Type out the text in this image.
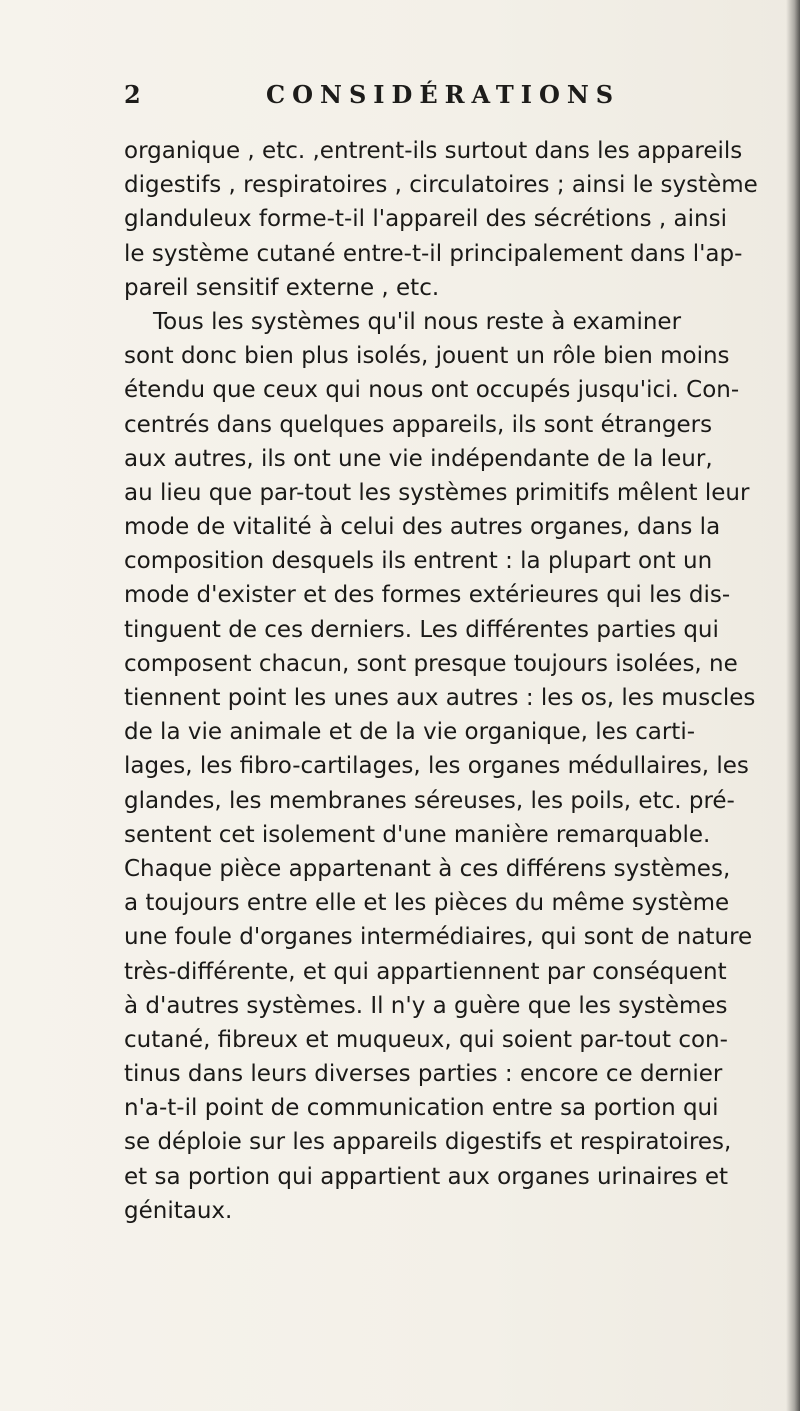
2	CONSIDÉRATIONS
organique , etc. ,entrent-ils surtout dans les appareils
digestifs , respiratoires , circulatoires ; ainsi le système
glanduleux forme-t-il l'appareil des sécrétions , ainsi
le système cutané entre-t-il principalement dans l'ap-
pareil sensitif externe , etc.
Tous les systèmes qu'il nous reste à examiner
sont donc bien plus isolés, jouent un rôle bien moins
étendu que ceux qui nous ont occupés jusqu'ici. Con-
centrés dans quelques appareils, ils sont étrangers
aux autres, ils ont une vie indépendante de la leur,
au lieu que par-tout les systèmes primitifs mêlent leur
mode de vitalité à celui des autres organes, dans la
composition desquels ils entrent : la plupart ont un
mode d'exister et des formes extérieures qui les dis-
tinguent de ces derniers. Les différentes parties qui
composent chacun, sont presque toujours isolées, ne
tiennent point les unes aux autres : les os, les muscles
de la vie animale et de la vie organique, les carti-
lages, les fibro-cartilages, les organes médullaires, les
glandes, les membranes séreuses, les poils, etc. pré-
sentent cet isolement d'une manière remarquable.
Chaque pièce appartenant à ces différens systèmes,
a toujours entre elle et les pièces du même système
une foule d'organes intermédiaires, qui sont de nature
très-différente, et qui appartiennent par conséquent
à d'autres systèmes. Il n'y a guère que les systèmes
cutané, fibreux et muqueux, qui soient par-tout con-
tinus dans leurs diverses parties : encore ce dernier
n'a-t-il point de communication entre sa portion qui
se déploie sur les appareils digestifs et respiratoires,
et sa portion qui appartient aux organes urinaires et
génitaux.
